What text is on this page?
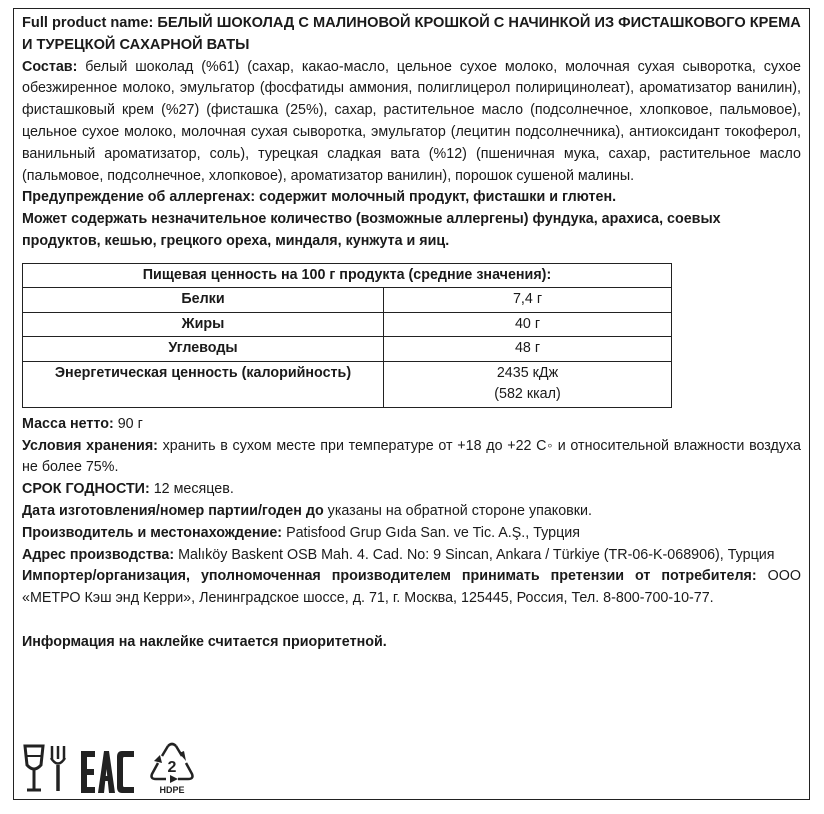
Full product name: БЕЛЫЙ ШОКОЛАД С МАЛИНОВОЙ КРОШКОЙ С НАЧИНКОЙ ИЗ ФИСТАШКОВОГО КРЕМА И ТУРЕЦКОЙ САХАРНОЙ ВАТЫ

Состав: белый шоколад (%61) (сахар, какао-масло, цельное сухое молоко, молочная сухая сыворотка, сухое обезжиренное молоко, эмульгатор (фосфатиды аммония, полиглицерол полирицинолеат), ароматизатор ванилин), фисташковый крем (%27) (фисташка (25%), сахар, растительное масло (подсолнечное, хлопковое, пальмовое), цельное сухое молоко, молочная сухая сыворотка, эмульгатор (лецитин подсолнечника), антиоксидант токоферол, ванильный ароматизатор, соль), турецкая сладкая вата (%12) (пшеничная мука, сахар, растительное масло (пальмовое, подсолнечное, хлопковое), ароматизатор ванилин), порошок сушеной малины.

Предупреждение об аллергенах: содержит молочный продукт, фисташки и глютен.

Может содержать незначительное количество (возможные аллергены) фундука, арахиса, соевых продуктов, кешью, грецкого ореха, миндаля, кунжута и яиц.

Пищевая ценность на 100 г продукта (средние значения):	
Белки	7,4 г
Жиры	40 г
Углеводы	48 г
Энергетическая ценность (калорийность)	2435 кДж
(582 ккал)

Масса нетто: 90 г

Условия хранения: хранить в сухом месте при температуре от +18 до +22 С◦ и относительной влажности воздуха не более 75%.

СРОК ГОДНОСТИ: 12 месяцев.

Дата изготовления/номер партии/годен до указаны на обратной стороне упаковки.

Производитель и местонахождение: Patisfood Grup Gıda San. ve Tic. A.Ş., Турция

Адрес производства: Malıköy Baskent OSB Mah. 4. Cad. No: 9 Sincan, Ankara / Türkiye (TR-06-K-068906), Турция

Импортер/организация, уполномоченная производителем принимать претензии от потребителя: ООО «МЕТРО Кэш энд Керри», Ленинградское шоссе, д. 71, г. Москва, 125445, Россия, Тел. 8-800-700-10-77.

Информация на наклейке считается приоритетной.

2
HDPE
